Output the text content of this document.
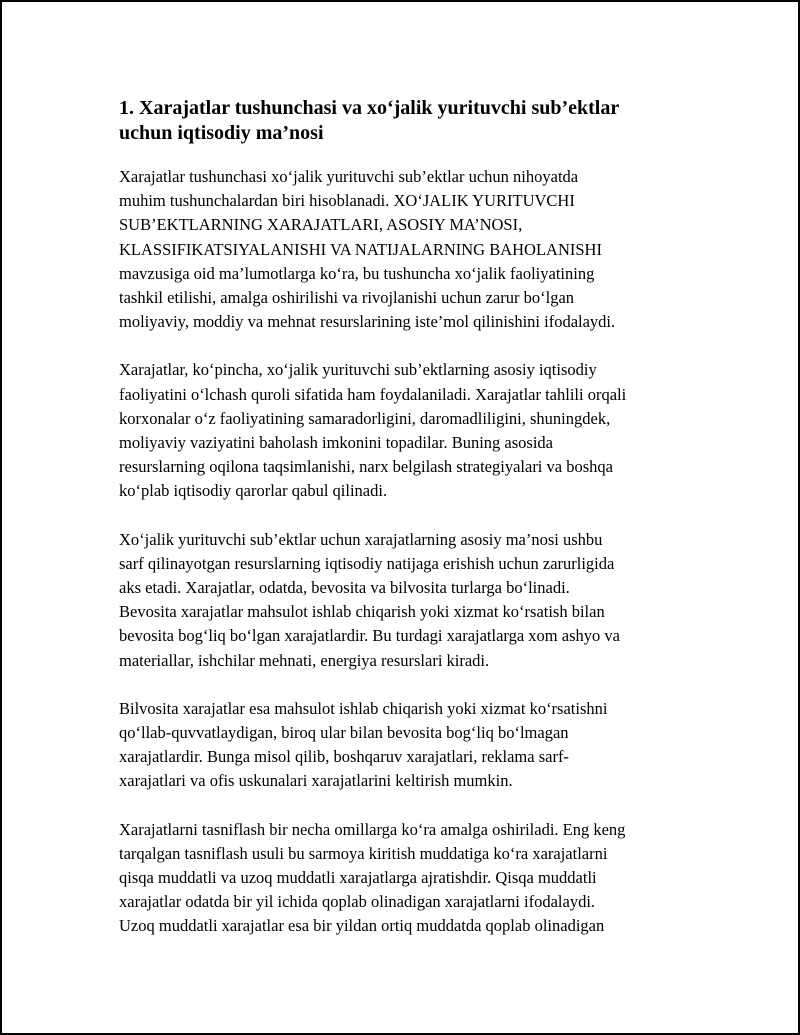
1. Xarajatlar tushunchasi va xo‘jalik yurituvchi sub’ektlar
uchun iqtisodiy ma’nosi

Xarajatlar tushunchasi xo‘jalik yurituvchi sub’ektlar uchun nihoyatda
muhim tushunchalardan biri hisoblanadi. XO‘JALIK YURITUVCHI
SUB’EKTLARNING XARAJATLARI, ASOSIY MA’NOSI,
KLASSIFIKATSIYALANISHI VA NATIJALARNING BAHOLANISHI
mavzusiga oid ma’lumotlarga ko‘ra, bu tushuncha xo‘jalik faoliyatining
tashkil etilishi, amalga oshirilishi va rivojlanishi uchun zarur bo‘lgan
moliyaviy, moddiy va mehnat resurslarining iste’mol qilinishini ifodalaydi.

Xarajatlar, ko‘pincha, xo‘jalik yurituvchi sub’ektlarning asosiy iqtisodiy
faoliyatini o‘lchash quroli sifatida ham foydalaniladi. Xarajatlar tahlili orqali
korxonalar o‘z faoliyatining samaradorligini, daromadliligini, shuningdek,
moliyaviy vaziyatini baholash imkonini topadilar. Buning asosida
resurslarning oqilona taqsimlanishi, narx belgilash strategiyalari va boshqa
ko‘plab iqtisodiy qarorlar qabul qilinadi.

Xo‘jalik yurituvchi sub’ektlar uchun xarajatlarning asosiy ma’nosi ushbu
sarf qilinayotgan resurslarning iqtisodiy natijaga erishish uchun zarurligida
aks etadi. Xarajatlar, odatda, bevosita va bilvosita turlarga bo‘linadi.
Bevosita xarajatlar mahsulot ishlab chiqarish yoki xizmat ko‘rsatish bilan
bevosita bog‘liq bo‘lgan xarajatlardir. Bu turdagi xarajatlarga xom ashyo va
materiallar, ishchilar mehnati, energiya resurslari kiradi.

Bilvosita xarajatlar esa mahsulot ishlab chiqarish yoki xizmat ko‘rsatishni
qo‘llab-quvvatlaydigan, biroq ular bilan bevosita bog‘liq bo‘lmagan
xarajatlardir. Bunga misol qilib, boshqaruv xarajatlari, reklama sarf-
xarajatlari va ofis uskunalari xarajatlarini keltirish mumkin.

Xarajatlarni tasniflash bir necha omillarga ko‘ra amalga oshiriladi. Eng keng
tarqalgan tasniflash usuli bu sarmoya kiritish muddatiga ko‘ra xarajatlarni
qisqa muddatli va uzoq muddatli xarajatlarga ajratishdir. Qisqa muddatli
xarajatlar odatda bir yil ichida qoplab olinadigan xarajatlarni ifodalaydi.
Uzoq muddatli xarajatlar esa bir yildan ortiq muddatda qoplab olinadigan
